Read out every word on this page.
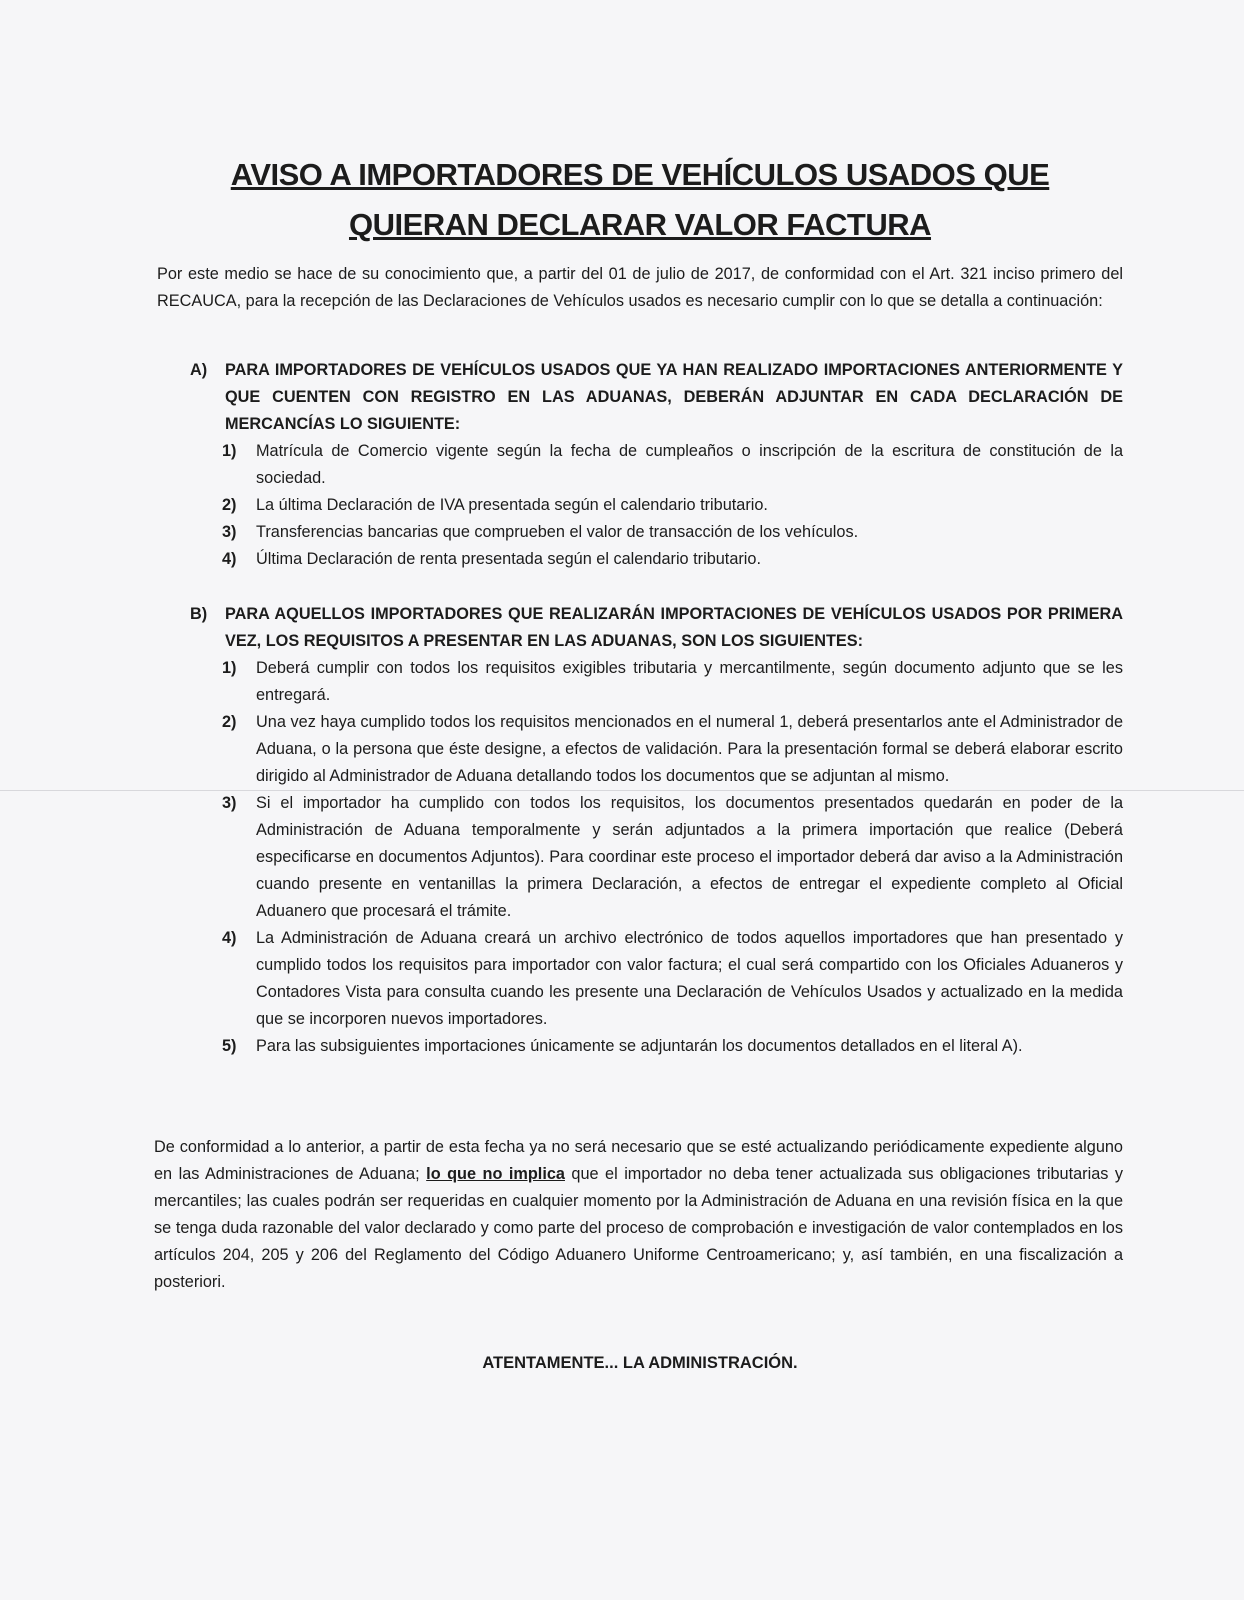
AVISO A IMPORTADORES DE VEHÍCULOS USADOS QUE
QUIERAN DECLARAR VALOR FACTURA

Por este medio se hace de su conocimiento que, a partir del 01 de julio de 2017, de conformidad con el Art. 321 inciso primero del RECAUCA, para la recepción de las Declaraciones de Vehículos usados es necesario cumplir con lo que se detalla a continuación:

A)	PARA IMPORTADORES DE VEHÍCULOS USADOS QUE YA HAN REALIZADO IMPORTACIONES ANTERIORMENTE Y QUE CUENTEN CON REGISTRO EN LAS ADUANAS, DEBERÁN ADJUNTAR EN CADA DECLARACIÓN DE MERCANCÍAS LO SIGUIENTE:
1)	Matrícula de Comercio vigente según la fecha de cumpleaños o inscripción de la escritura de constitución de la sociedad.
2)	La última Declaración de IVA presentada según el calendario tributario.
3)	Transferencias bancarias que comprueben el valor de transacción de los vehículos.
4)	Última Declaración de renta presentada según el calendario tributario.
B)	PARA AQUELLOS IMPORTADORES QUE REALIZARÁN IMPORTACIONES DE VEHÍCULOS USADOS POR PRIMERA VEZ, LOS REQUISITOS A PRESENTAR EN LAS ADUANAS, SON LOS SIGUIENTES:
1)	Deberá cumplir con todos los requisitos exigibles tributaria y mercantilmente, según documento adjunto que se les entregará.
2)	Una vez haya cumplido todos los requisitos mencionados en el numeral 1, deberá presentarlos ante el Administrador de Aduana, o la persona que éste designe, a efectos de validación. Para la presentación formal se deberá elaborar escrito dirigido al Administrador de Aduana detallando todos los documentos que se adjuntan al mismo.
3)	Si el importador ha cumplido con todos los requisitos, los documentos presentados quedarán en poder de la Administración de Aduana temporalmente y serán adjuntados a la primera importación que realice (Deberá especificarse en documentos Adjuntos). Para coordinar este proceso el importador deberá dar aviso a la Administración cuando presente en ventanillas la primera Declaración, a efectos de entregar el expediente completo al Oficial Aduanero que procesará el trámite.
4)	La Administración de Aduana creará un archivo electrónico de todos aquellos importadores que han presentado y cumplido todos los requisitos para importador con valor factura; el cual será compartido con los Oficiales Aduaneros y Contadores Vista para consulta cuando les presente una Declaración de Vehículos Usados y actualizado en la medida que se incorporen nuevos importadores.
5)	Para las subsiguientes importaciones únicamente se adjuntarán los documentos detallados en el literal A).

De conformidad a lo anterior, a partir de esta fecha ya no será necesario que se esté actualizando periódicamente expediente alguno en las Administraciones de Aduana; lo que no implica que el importador no deba tener actualizada sus obligaciones tributarias y mercantiles; las cuales podrán ser requeridas en cualquier momento por la Administración de Aduana en una revisión física en la que se tenga duda razonable del valor declarado y como parte del proceso de comprobación e investigación de valor contemplados en los artículos 204, 205 y 206 del Reglamento del Código Aduanero Uniforme Centroamericano; y, así también, en una fiscalización a posteriori.

ATENTAMENTE... LA ADMINISTRACIÓN.
